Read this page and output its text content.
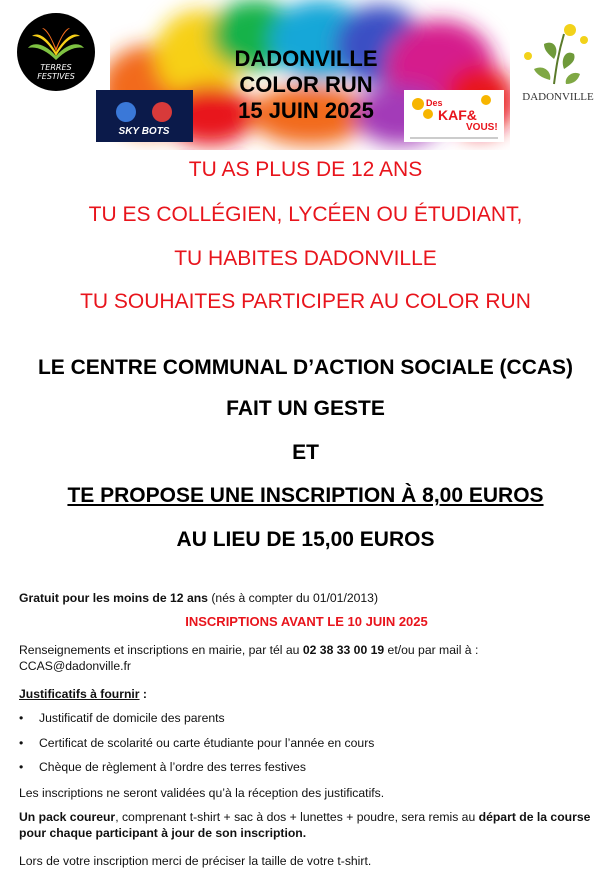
TERRES
FESTIVES
DADONVILLE
SKY BOTS
Des
KAF&
VOUS!
DADONVILLE
COLOR RUN
15 JUIN 2025
TU AS PLUS DE 12 ANS
TU ES COLLÉGIEN, LYCÉEN OU ÉTUDIANT,
TU HABITES DADONVILLE
TU SOUHAITES PARTICIPER AU COLOR RUN
LE CENTRE COMMUNAL D’ACTION SOCIALE (CCAS)
FAIT UN GESTE
ET
TE PROPOSE UNE INSCRIPTION À 8,00 EUROS
AU LIEU DE 15,00 EUROS
Gratuit pour les moins de 12 ans (nés à compter du 01/01/2013)
INSCRIPTIONS AVANT LE 10 JUIN 2025
Renseignements et inscriptions en mairie, par tél au 02 38 33 00 19 et/ou par mail à :
CCAS@dadonville.fr
Justificatifs à fournir :
• Justificatif de domicile des parents
• Certificat de scolarité ou carte étudiante pour l’année en cours
• Chèque de règlement à l’ordre des terres festives
Les inscriptions ne seront validées qu’à la réception des justificatifs.
Un pack coureur, comprenant t-shirt + sac à dos + lunettes + poudre, sera remis au départ de la course
pour chaque participant à jour de son inscription.
Lors de votre inscription merci de préciser la taille de votre t-shirt.
